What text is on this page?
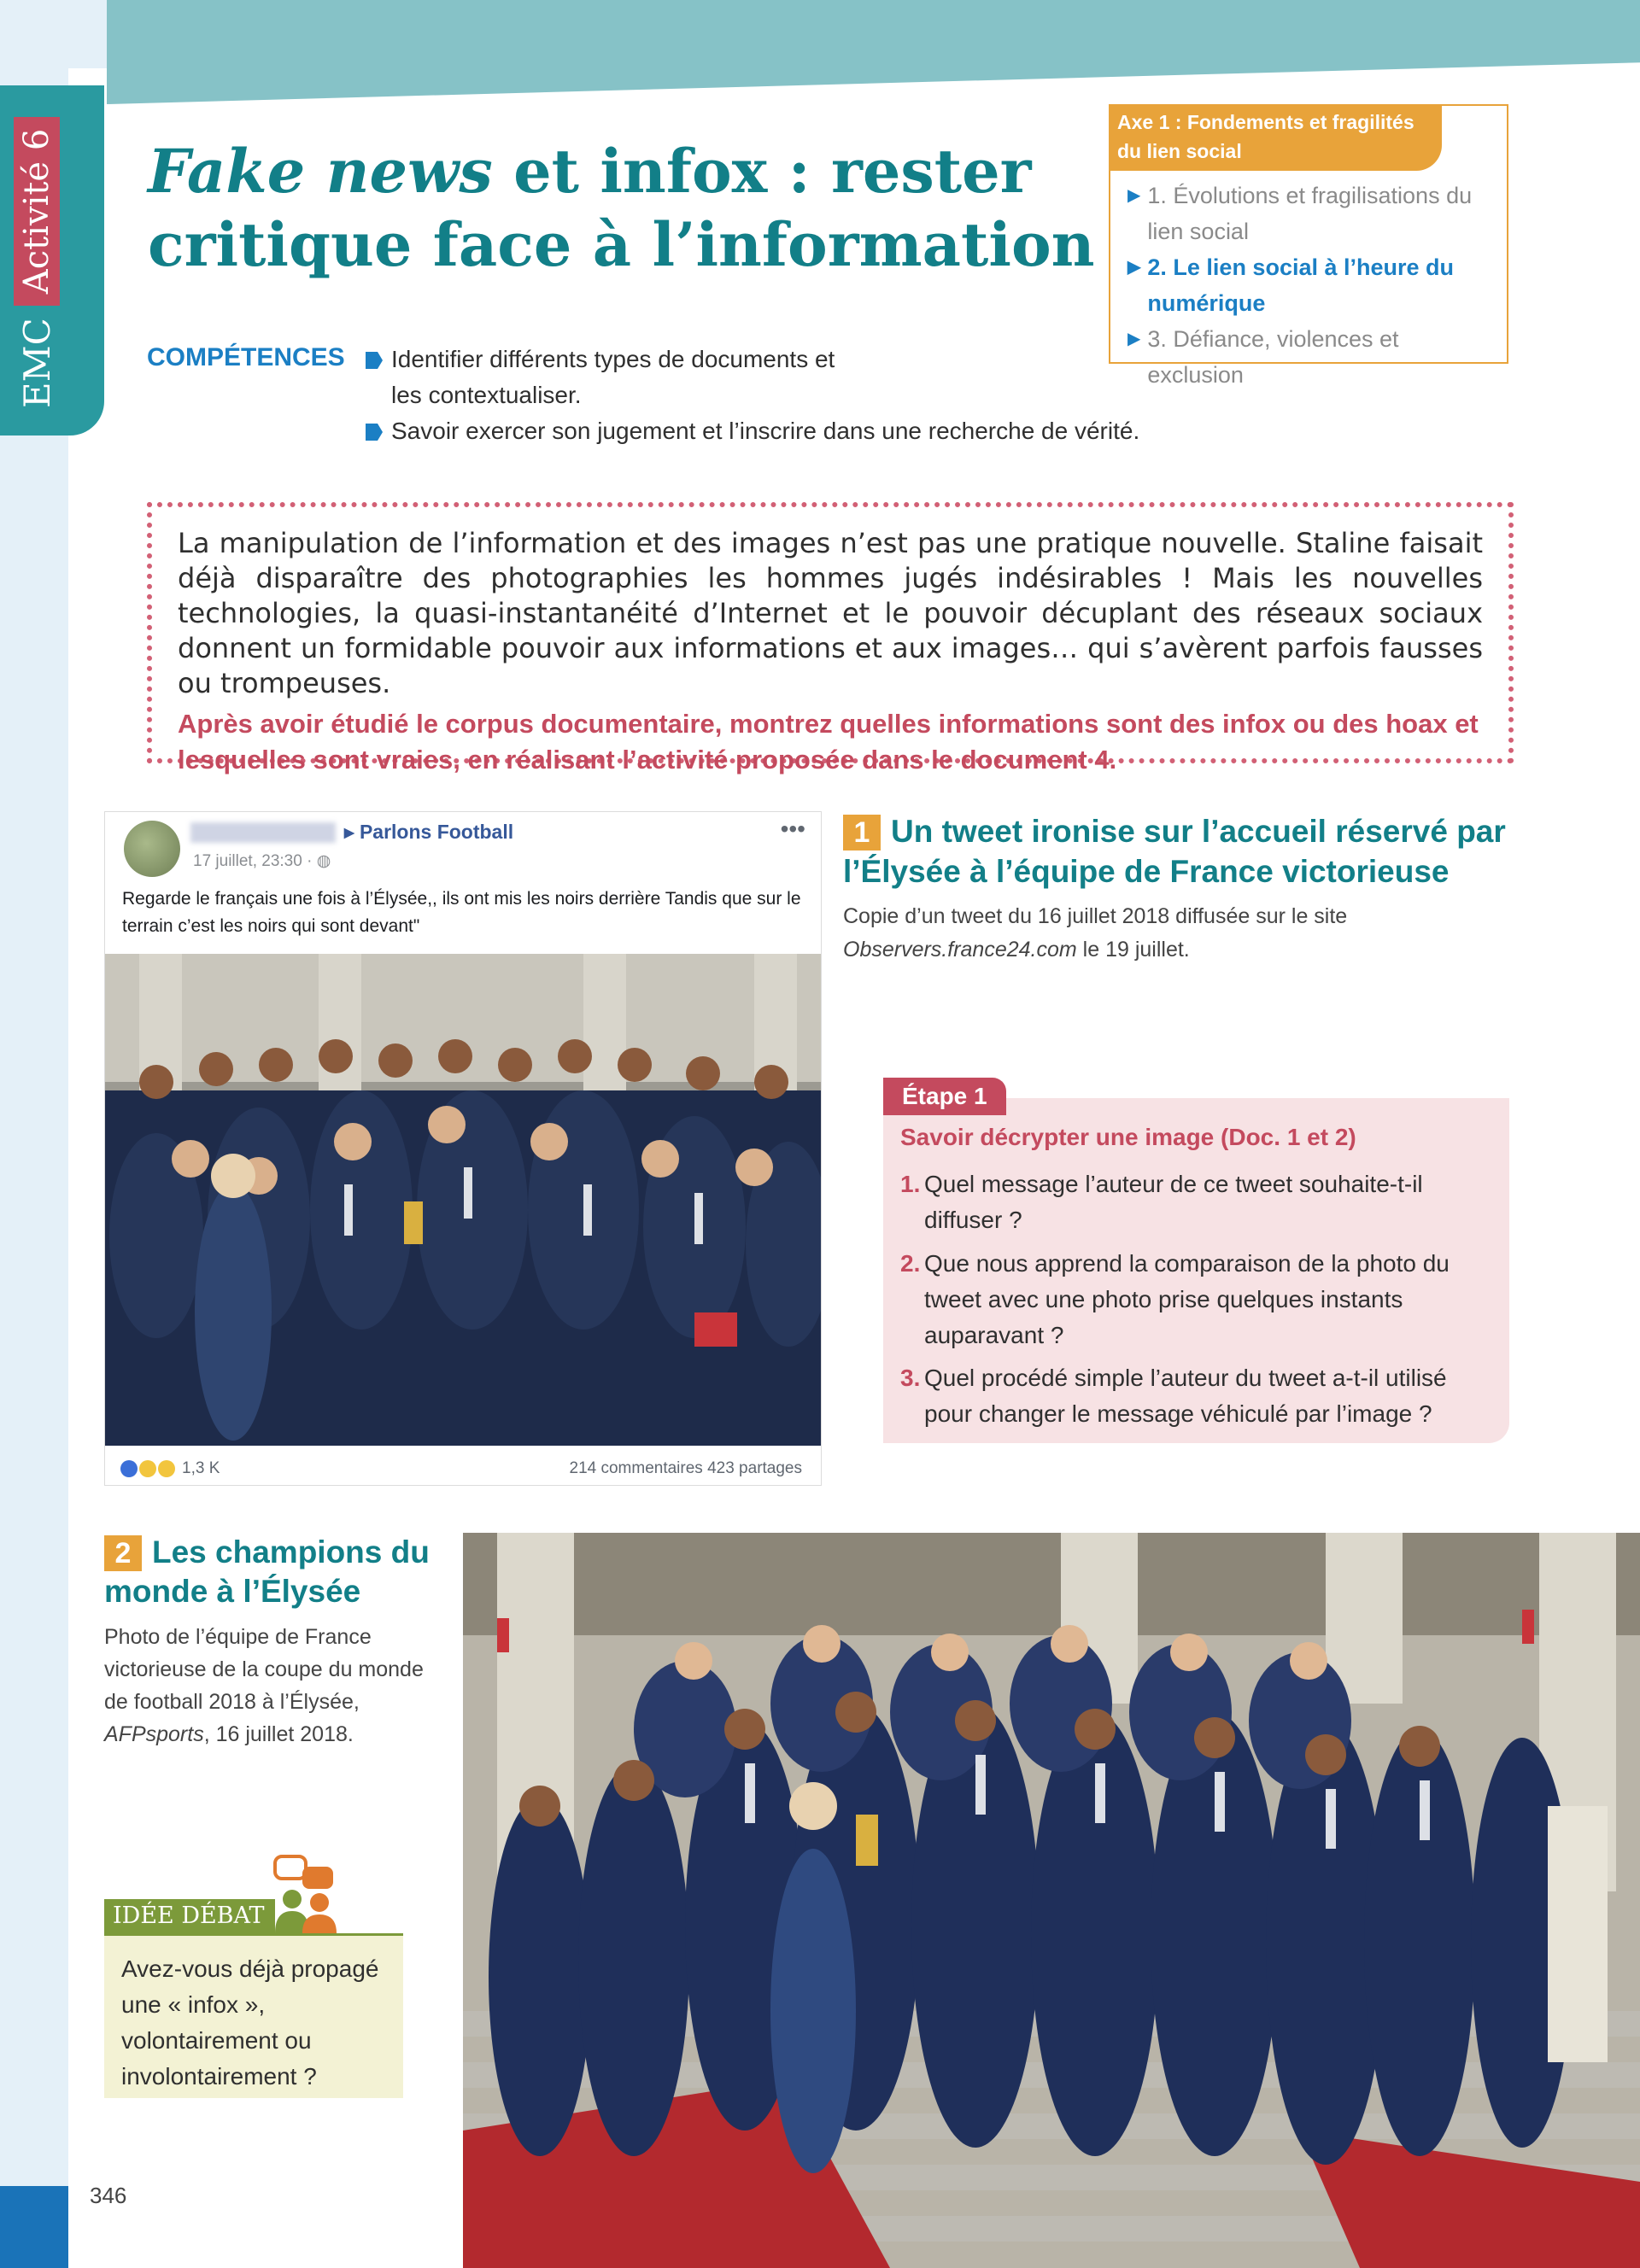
EMC
Activité 6 Fake news et infox : rester critique face à l’information
Axe 1 : Fondements et fragilités du lien social
▶ 1. Évolutions et fragilisations du lien social
▶ 2. Le lien social à l’heure du numérique
▶ 3. Défiance, violences et exclusion
COMPÉTENCES Identifier différents types de documents et les contextualiser.
Savoir exercer son jugement et l’inscrire dans une recherche de vérité.

La manipulation de l’information et des images n’est pas une pratique nouvelle. Staline faisait déjà disparaître des photographies les hommes jugés indésirables ! Mais les nouvelles technologies, la quasi-instantanéité d’Internet et le pouvoir décuplant des réseaux sociaux donnent un formidable pouvoir aux informations et aux images… qui s’avèrent parfois fausses ou trompeuses.

Après avoir étudié le corpus documentaire, montrez quelles informations sont des infox ou des hoax et lesquelles sont vraies, en réalisant l’activité proposée dans le document 4.

▸ Parlons Football
17 juillet, 23:30 · ◍
•••
Regarde le français une fois à l’Élysée,, ils ont mis les noirs derrière Tandis que sur le terrain c’est les noirs qui sont devant"
1,3 K	214 commentaires 423 partages
1 Un tweet ironise sur l’accueil réservé par l’Élysée à l’équipe de France victorieuse
Copie d’un tweet du 16 juillet 2018 diffusée sur le site Observers.france24.com le 19 juillet.
Étape 1
Savoir décrypter une image (Doc. 1 et 2)
1. Quel message l’auteur de ce tweet souhaite-t-il diffuser ?
2. Que nous apprend la comparaison de la photo du tweet avec une photo prise quelques instants auparavant ?
3. Quel procédé simple l’auteur du tweet a-t-il utilisé pour changer le message véhiculé par l’image ?
2 Les champions du monde à l’Élysée
Photo de l’équipe de France victorieuse de la coupe du monde de football 2018 à l’Élysée, AFPsports, 16 juillet 2018.
IDÉE DÉBAT
Avez-vous déjà propagé une « infox », volontairement ou involontairement ?
346
